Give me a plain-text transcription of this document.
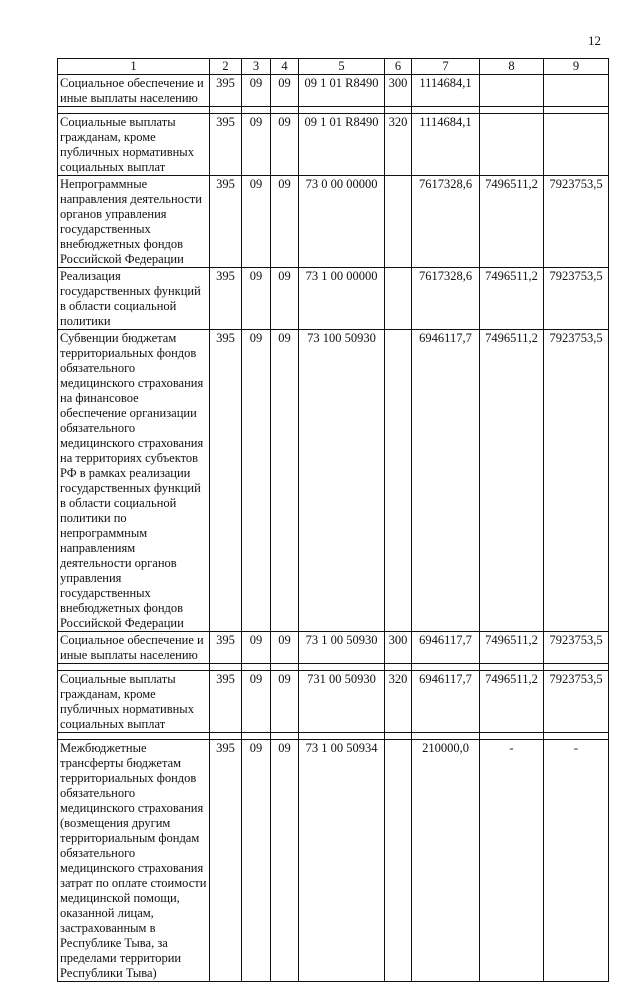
12
1	2	3	4	5	6	7	8	9
Социальное обеспечение и иные выплаты населению	395	09	09	09 1 01 R8490	300	1114684,1		

Социальные выплаты гражданам, кроме публичных нормативных социальных выплат	395	09	09	09 1 01 R8490	320	1114684,1		
Непрограммные направления деятельности органов управления государственных внебюджетных фондов Российской Федерации	395	09	09	73 0 00 00000		7617328,6	7496511,2	7923753,5
Реализация государственных функций в области социальной политики	395	09	09	73 1 00 00000		7617328,6	7496511,2	7923753,5
Субвенции бюджетам территориальных фондов обязательного медицинского страхования на финансовое обеспечение организации обязательного медицинского страхования на территориях субъектов РФ в рамках реализации государственных функций в области социальной политики по непрограммным направлениям деятельности органов управления государственных внебюджетных фондов Российской Федерации	395	09	09	73 100 50930		6946117,7	7496511,2	7923753,5
Социальное обеспечение и иные выплаты населению	395	09	09	73 1 00 50930	300	6946117,7	7496511,2	7923753,5

Социальные выплаты гражданам, кроме публичных нормативных социальных выплат	395	09	09	731 00 50930	320	6946117,7	7496511,2	7923753,5

Межбюджетные трансферты бюджетам территориальных фондов обязательного медицинского страхования (возмещения другим территориальным фондам обязательного медицинского страхования затрат по оплате стоимости медицинской помощи, оказанной лицам, застрахованным в Республике Тыва, за пределами территории Республики Тыва)	395	09	09	73 1 00 50934		210000,0	-	-
